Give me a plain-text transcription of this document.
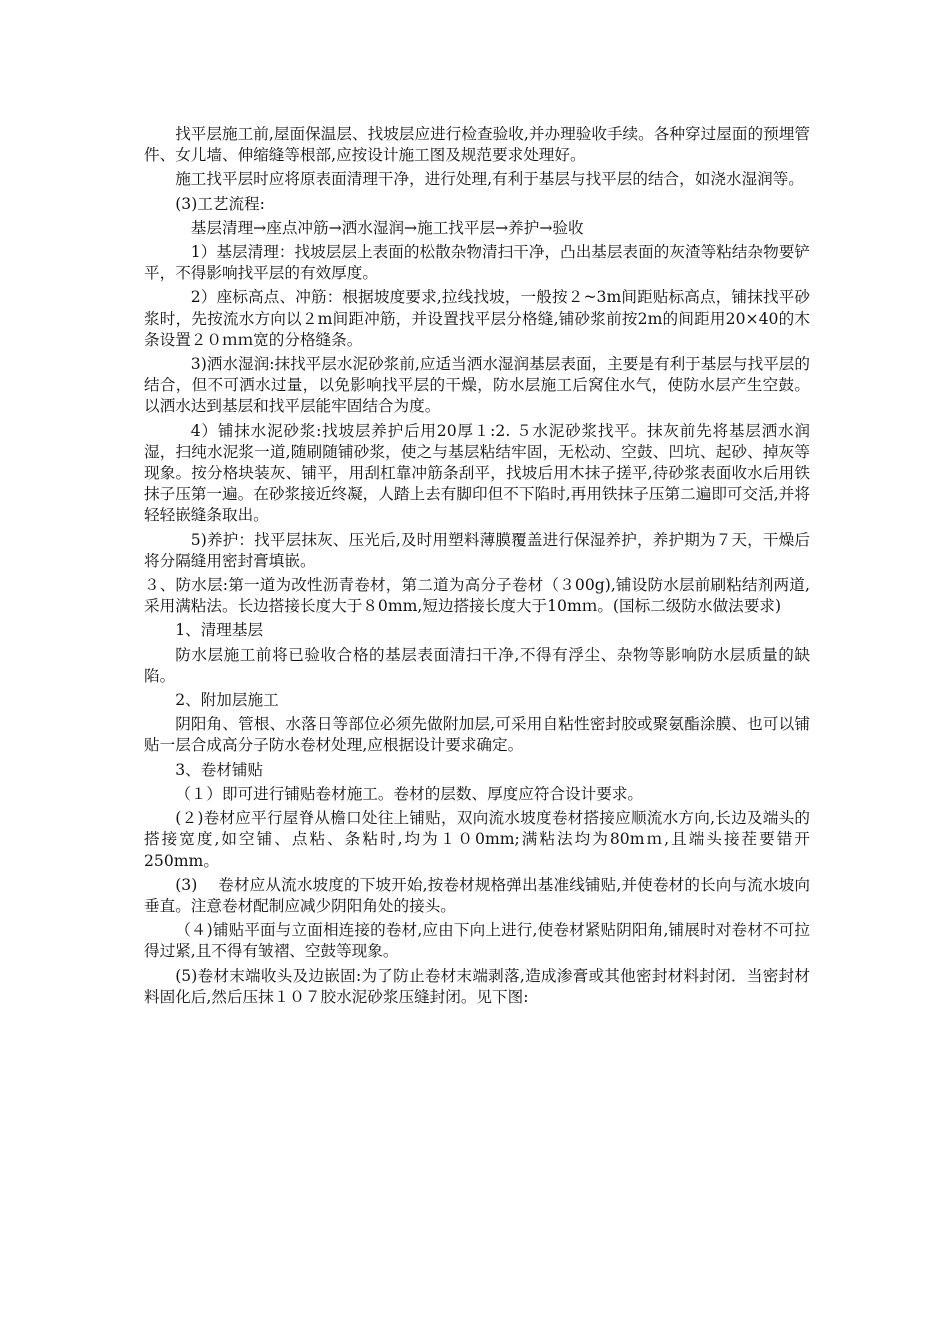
找平层施工前,屋面保温层、找坡层应进行检查验收,并办理验收手续。各种穿过屋面的预埋管件、女儿墙、伸缩缝等根部,应按设计施工图及规范要求处理好。

施工找平层时应将原表面清理干净，进行处理,有利于基层与找平层的结合，如浇水湿润等。

(3)工艺流程:

基层清理→座点冲筋→洒水湿润→施工找平层→养护→验收

1）基层清理：找坡层层上表面的松散杂物清扫干净，凸出基层表面的灰渣等粘结杂物要铲平，不得影响找平层的有效厚度。

2）座标高点、冲筋：根据坡度要求,拉线找坡，一般按２~3m间距贴标高点，铺抹找平砂浆时，先按流水方向以２m间距冲筋，并设置找平层分格缝,铺砂浆前按2m的间距用20×40的木条设置２０ｍｍ宽的分格缝条。

3)洒水湿润:抹找平层水泥砂浆前,应适当洒水湿润基层表面，主要是有利于基层与找平层的结合，但不可洒水过量，以免影响找平层的干燥，防水层施工后窝住水气，使防水层产生空鼓。以洒水达到基层和找平层能牢固结合为度。

4）铺抹水泥砂浆:找坡层养护后用20厚１:2. ５水泥砂浆找平。抹灰前先将基层洒水润湿，扫纯水泥浆一道,随刷随铺砂浆，使之与基层粘结牢固，无松动、空鼓、凹坑、起砂、掉灰等现象。按分格块装灰、铺平，用刮杠靠冲筋条刮平，找坡后用木抹子搓平,待砂浆表面收水后用铁抹子压第一遍。在砂浆接近终凝，人踏上去有脚印但不下陷时,再用铁抹子压第二遍即可交活,并将轻轻嵌缝条取出。

5)养护：找平层抹灰、压光后,及时用塑料薄膜覆盖进行保湿养护，养护期为７天，干燥后将分隔缝用密封膏填嵌。

３、防水层:第一道为改性沥青卷材，第二道为高分子卷材（３00g),铺设防水层前刷粘结剂两道,采用满粘法。长边搭接长度大于８0mm,短边搭接长度大于10mｍ。(国标二级防水做法要求)

1、清理基层

防水层施工前将已验收合格的基层表面清扫干净,不得有浮尘、杂物等影响防水层质量的缺陷。

2、附加层施工

阴阳角、管根、水落日等部位必须先做附加层,可采用自粘性密封胶或聚氨酯涂膜、也可以铺贴一层合成高分子防水卷材处理,应根据设计要求确定。

3、卷材铺贴

（１）即可进行铺贴卷材施工。卷材的层数、厚度应符合设计要求。

(２)卷材应平行屋脊从檐口处往上铺贴，双向流水坡度卷材搭接应顺流水方向,长边及端头的搭接宽度,如空铺、点粘、条粘时,均为１０0mm;满粘法均为80mｍ,且端头接茬要错开250mm。

(3)　 卷材应从流水坡度的下坡开始,按卷材规格弹出基准线铺贴,并使卷材的长向与流水坡向垂直。注意卷材配制应减少阴阳角处的接头。

（４)铺贴平面与立面相连接的卷材,应由下向上进行,使卷材紧贴阴阳角,铺展时对卷材不可拉得过紧,且不得有皱褶、空鼓等现象。

(5)卷材末端收头及边嵌固:为了防止卷材末端剥落,造成渗膏或其他密封材料封闭．当密封材料固化后,然后压抹１０７胶水泥砂浆压缝封闭。见下图:
